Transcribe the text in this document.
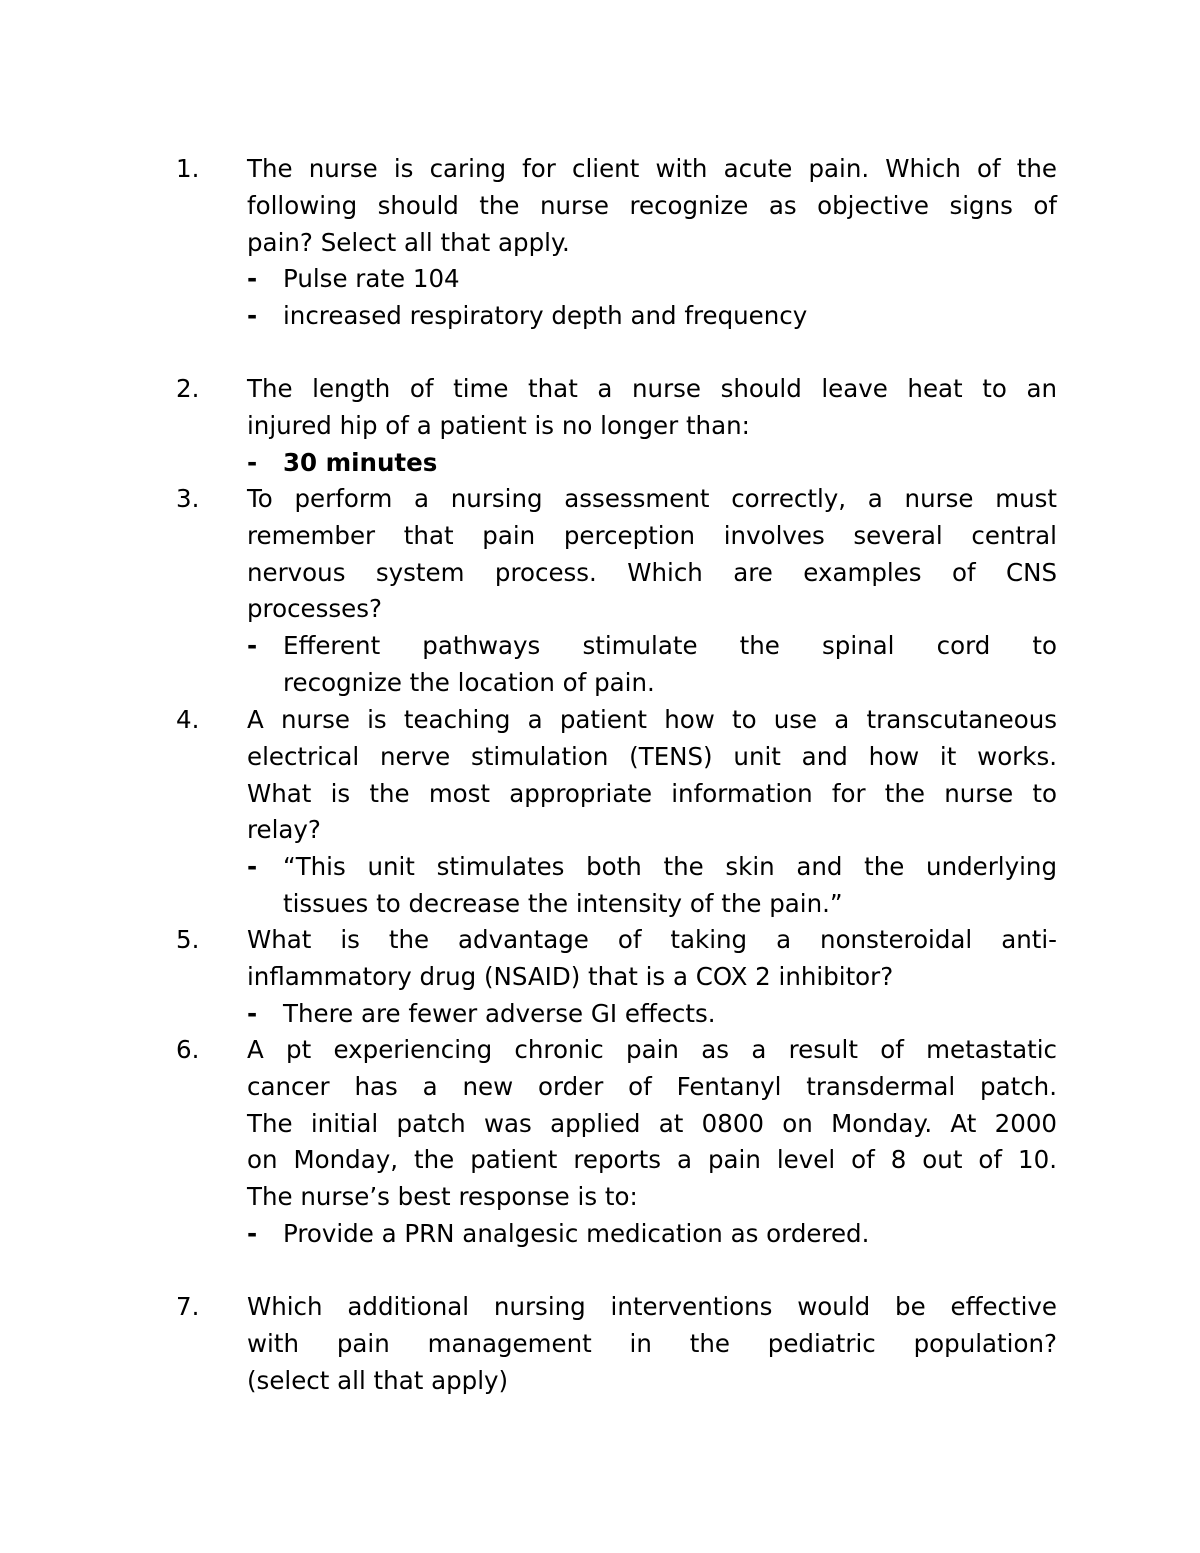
1. The nurse is caring for client with acute pain. Which of the
following should the nurse recognize as objective signs of
pain? Select all that apply.
- Pulse rate 104
- increased respiratory depth and frequency
2. The length of time that a nurse should leave heat to an
injured hip of a patient is no longer than:
- 30 minutes
3. To perform a nursing assessment correctly, a nurse must
remember that pain perception involves several central
nervous system process. Which are examples of CNS
processes?
- Efferent pathways stimulate the spinal cord to
recognize the location of pain.
4. A nurse is teaching a patient how to use a transcutaneous
electrical nerve stimulation (TENS) unit and how it works.
What is the most appropriate information for the nurse to
relay?
- “This unit stimulates both the skin and the underlying
tissues to decrease the intensity of the pain.”
5. What is the advantage of taking a nonsteroidal anti-
inflammatory drug (NSAID) that is a COX 2 inhibitor?
- There are fewer adverse GI effects.
6. A pt experiencing chronic pain as a result of metastatic
cancer has a new order of Fentanyl transdermal patch.
The initial patch was applied at 0800 on Monday. At 2000
on Monday, the patient reports a pain level of 8 out of 10.
The nurse’s best response is to:
- Provide a PRN analgesic medication as ordered.
7. Which additional nursing interventions would be effective
with pain management in the pediatric population?
(select all that apply)
